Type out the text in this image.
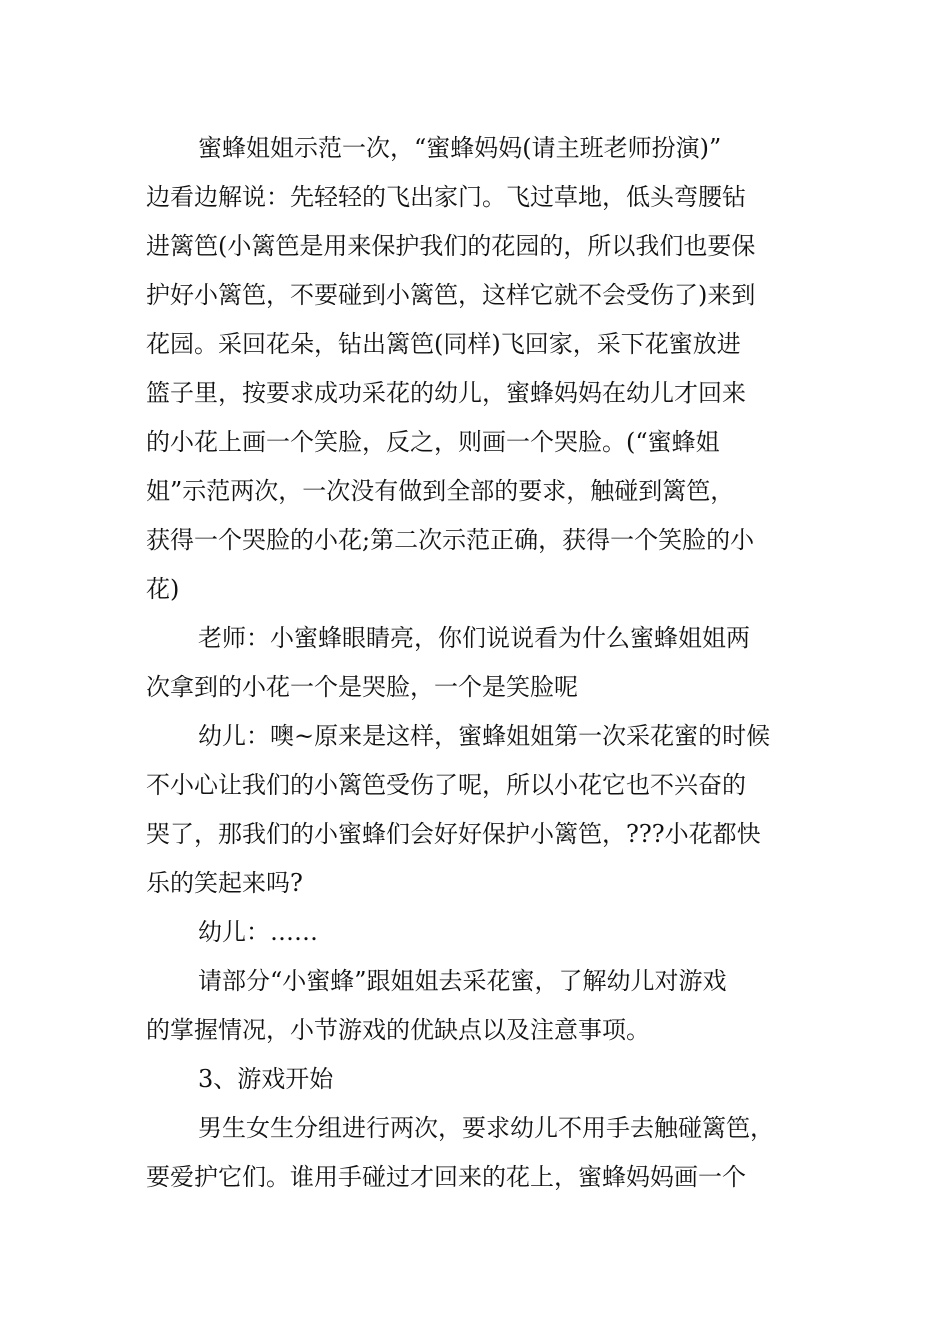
蜜蜂姐姐示范一次，“蜜蜂妈妈(请主班老师扮演)”
边看边解说：先轻轻的飞出家门。飞过草地，低头弯腰钻
进篱笆(小篱笆是用来保护我们的花园的，所以我们也要保
护好小篱笆，不要碰到小篱笆，这样它就不会受伤了)来到
花园。采回花朵，钻出篱笆(同样)飞回家，采下花蜜放进
篮子里，按要求成功采花的幼儿，蜜蜂妈妈在幼儿才回来
的小花上画一个笑脸，反之，则画一个哭脸。(“蜜蜂姐
姐”示范两次，一次没有做到全部的要求，触碰到篱笆，
获得一个哭脸的小花;第二次示范正确，获得一个笑脸的小
花)
老师：小蜜蜂眼睛亮，你们说说看为什么蜜蜂姐姐两
次拿到的小花一个是哭脸，一个是笑脸呢
幼儿：噢~原来是这样，蜜蜂姐姐第一次采花蜜的时候
不小心让我们的小篱笆受伤了呢，所以小花它也不兴奋的
哭了，那我们的小蜜蜂们会好好保护小篱笆，???小花都快
乐的笑起来吗?
幼儿：……
请部分“小蜜蜂”跟姐姐去采花蜜，了解幼儿对游戏
的掌握情况，小节游戏的优缺点以及注意事项。
3、游戏开始
男生女生分组进行两次，要求幼儿不用手去触碰篱笆，
要爱护它们。谁用手碰过才回来的花上，蜜蜂妈妈画一个
